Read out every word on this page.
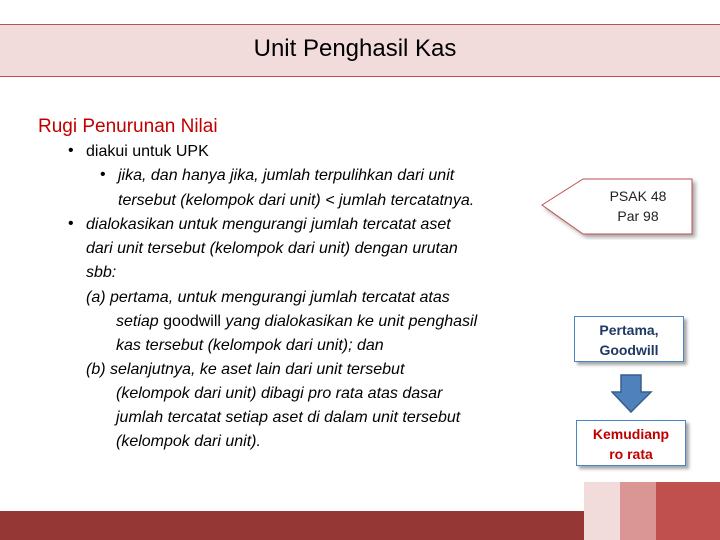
Unit Penghasil Kas
Rugi Penurunan Nilai
• diakui untuk UPK
• jika, dan hanya jika, jumlah terpulihkan dari unit
tersebut (kelompok dari unit) < jumlah tercatatnya.
• dialokasikan untuk mengurangi jumlah tercatat aset
dari unit tersebut (kelompok dari unit) dengan urutan
sbb:
(a) pertama, untuk mengurangi jumlah tercatat atas
setiap goodwill yang dialokasikan ke unit penghasil
kas tersebut (kelompok dari unit); dan
(b) selanjutnya, ke aset lain dari unit tersebut
(kelompok dari unit) dibagi pro rata atas dasar
jumlah tercatat setiap aset di dalam unit tersebut
(kelompok dari unit).
PSAK 48
Par 98
Pertama,
Goodwill
Kemudianp
ro rata
